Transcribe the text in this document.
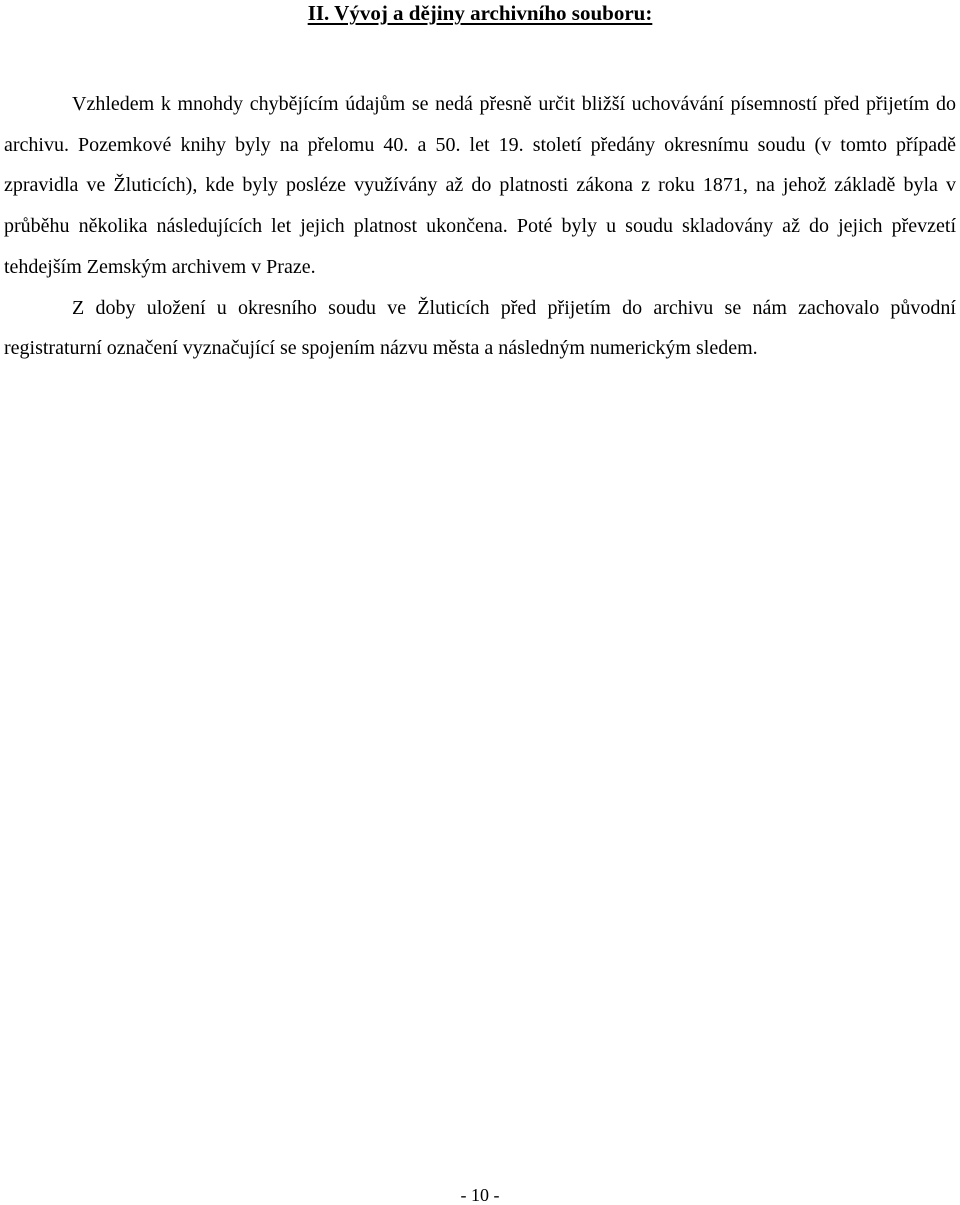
II. Vývoj a dějiny archivního souboru:

Vzhledem k mnohdy chybějícím údajům se nedá přesně určit bližší uchovávání písemností před přijetím do archivu. Pozemkové knihy byly na přelomu 40. a 50. let 19. století předány okresnímu soudu (v tomto případě zpravidla ve Žluticích), kde byly posléze využívány až do platnosti zákona z roku 1871, na jehož základě byla v průběhu několika následujících let jejich platnost ukončena. Poté byly u soudu skladovány až do jejich převzetí tehdejším Zemským archivem v Praze.

Z doby uložení u okresního soudu ve Žluticích před přijetím do archivu se nám zachovalo původní registraturní označení vyznačující se spojením názvu města a následným numerickým sledem.

- 10 -
